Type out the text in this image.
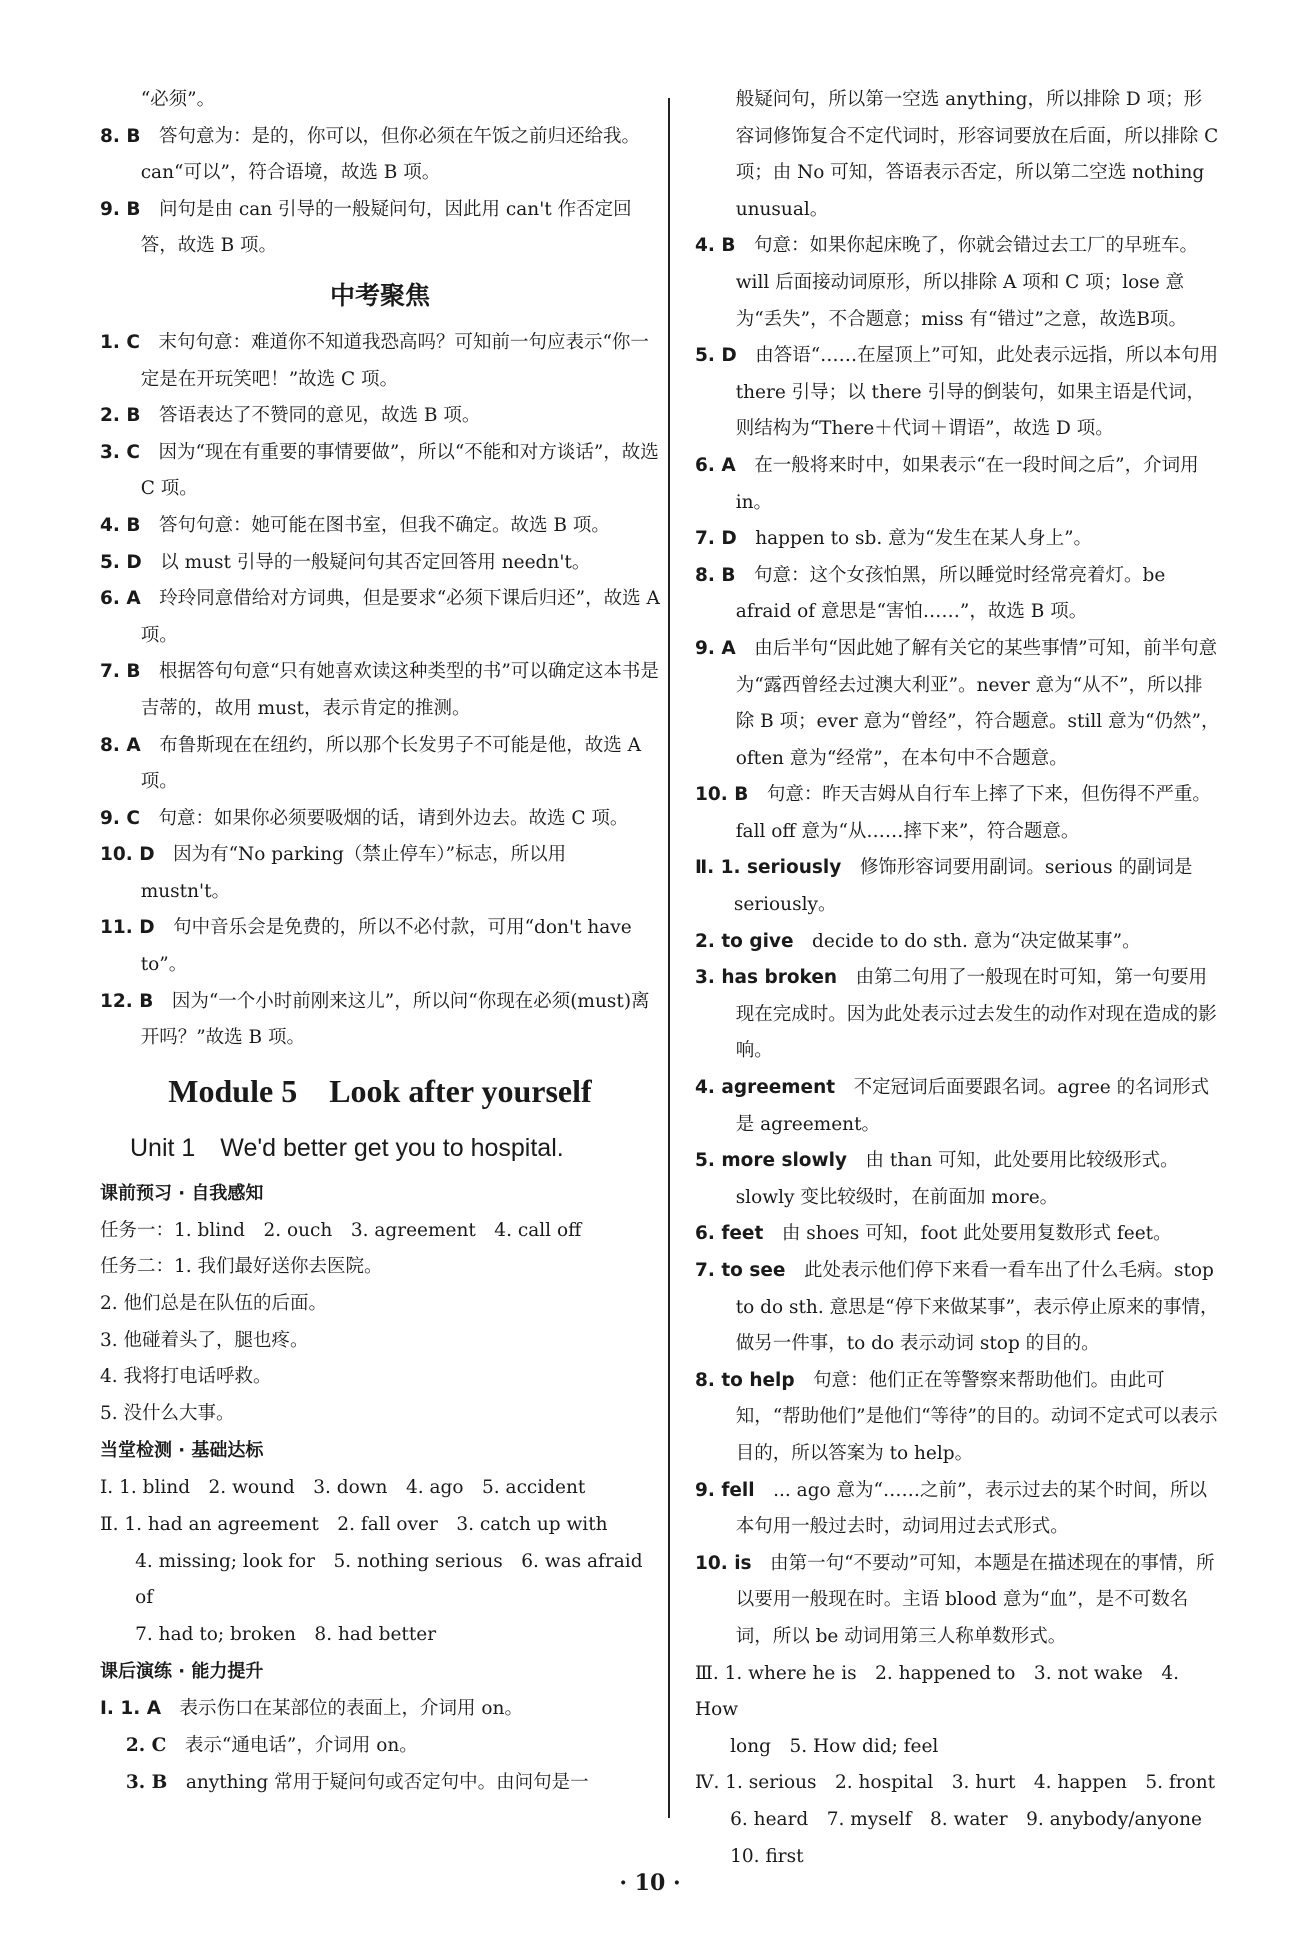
“必须”。

8. B　 答句意为：是的，你可以，但你必须在午饭之前归还给我。can“可以”，符合语境，故选 B 项。

9. B　 问句是由 can 引导的一般疑问句，因此用 can't 作否定回答，故选 B 项。

中考聚焦

1. C　 末句句意：难道你不知道我恐高吗？可知前一句应表示“你一定是在开玩笑吧！”故选 C 项。

2. B　 答语表达了不赞同的意见，故选 B 项。

3. C　 因为“现在有重要的事情要做”，所以“不能和对方谈话”，故选 C 项。

4. B　 答句句意：她可能在图书室，但我不确定。故选 B 项。

5. D　 以 must 引导的一般疑问句其否定回答用 needn't。

6. A　 玲玲同意借给对方词典，但是要求“必须下课后归还”，故选 A 项。

7. B　 根据答句句意“只有她喜欢读这种类型的书”可以确定这本书是吉蒂的，故用 must，表示肯定的推测。

8. A　 布鲁斯现在在纽约，所以那个长发男子不可能是他，故选 A 项。

9. C　 句意：如果你必须要吸烟的话，请到外边去。故选 C 项。

10. D　 因为有“No parking（禁止停车）”标志，所以用 mustn't。

11. D　 句中音乐会是免费的，所以不必付款，可用“don't have to”。

12. B　 因为“一个小时前刚来这儿”，所以问“你现在必须(must)离开吗？”故选 B 项。

Module 5　Look after yourself
Unit 1　We'd better get you to hospital.
课前预习 · 自我感知

任务一：1. blind　2. ouch　3. agreement　4. call off

任务二：1. 我们最好送你去医院。

2. 他们总是在队伍的后面。

3. 他碰着头了，腿也疼。

4. 我将打电话呼救。

5. 没什么大事。

当堂检测 · 基础达标

Ⅰ. 1. blind　2. wound　3. down　4. ago　5. accident

Ⅱ. 1. had an agreement　2. fall over　3. catch up with

4. missing; look for　5. nothing serious　6. was afraid of

7. had to; broken　8. had better

课后演练 · 能力提升

Ⅰ. 1. A　 表示伤口在某部位的表面上，介词用 on。

2. C　 表示“通电话”，介词用 on。

3. B　 anything 常用于疑问句或否定句中。由问句是一

般疑问句，所以第一空选 anything，所以排除 D 项；形容词修饰复合不定代词时，形容词要放在后面，所以排除 C 项；由 No 可知，答语表示否定，所以第二空选 nothing unusual。

4. B　 句意：如果你起床晚了，你就会错过去工厂的早班车。will 后面接动词原形，所以排除 A 项和 C 项；lose 意为“丢失”，不合题意；miss 有“错过”之意，故选B项。

5. D　 由答语“……在屋顶上”可知，此处表示远指，所以本句用 there 引导；以 there 引导的倒装句，如果主语是代词，则结构为“There＋代词＋谓语”，故选 D 项。

6. A　 在一般将来时中，如果表示“在一段时间之后”，介词用 in。

7. D　 happen to sb. 意为“发生在某人身上”。

8. B　 句意：这个女孩怕黑，所以睡觉时经常亮着灯。be afraid of 意思是“害怕……”，故选 B 项。

9. A　 由后半句“因此她了解有关它的某些事情”可知，前半句意为“露西曾经去过澳大利亚”。never 意为“从不”，所以排除 B 项；ever 意为“曾经”，符合题意。still 意为“仍然”，often 意为“经常”，在本句中不合题意。

10. B　 句意：昨天吉姆从自行车上摔了下来，但伤得不严重。fall off 意为“从……摔下来”，符合题意。

Ⅱ. 1. seriously　 修饰形容词要用副词。serious 的副词是 seriously。

2. to give　 decide to do sth. 意为“决定做某事”。

3. has broken　 由第二句用了一般现在时可知，第一句要用现在完成时。因为此处表示过去发生的动作对现在造成的影响。

4. agreement　 不定冠词后面要跟名词。agree 的名词形式是 agreement。

5. more slowly　 由 than 可知，此处要用比较级形式。slowly 变比较级时，在前面加 more。

6. feet　 由 shoes 可知，foot 此处要用复数形式 feet。

7. to see　 此处表示他们停下来看一看车出了什么毛病。stop to do sth. 意思是“停下来做某事”，表示停止原来的事情，做另一件事，to do 表示动词 stop 的目的。

8. to help　 句意：他们正在等警察来帮助他们。由此可知，“帮助他们”是他们“等待”的目的。动词不定式可以表示目的，所以答案为 to help。

9. fell　 ... ago 意为“……之前”，表示过去的某个时间，所以本句用一般过去时，动词用过去式形式。

10. is　 由第一句“不要动”可知，本题是在描述现在的事情，所以要用一般现在时。主语 blood 意为“血”，是不可数名词，所以 be 动词用第三人称单数形式。

Ⅲ. 1. where he is　2. happened to　3. not wake　4. How

long　5. How did; feel

Ⅳ. 1. serious　2. hospital　3. hurt　4. happen　5. front

6. heard　7. myself　8. water　9. anybody/anyone

10. first

· 10 ·
